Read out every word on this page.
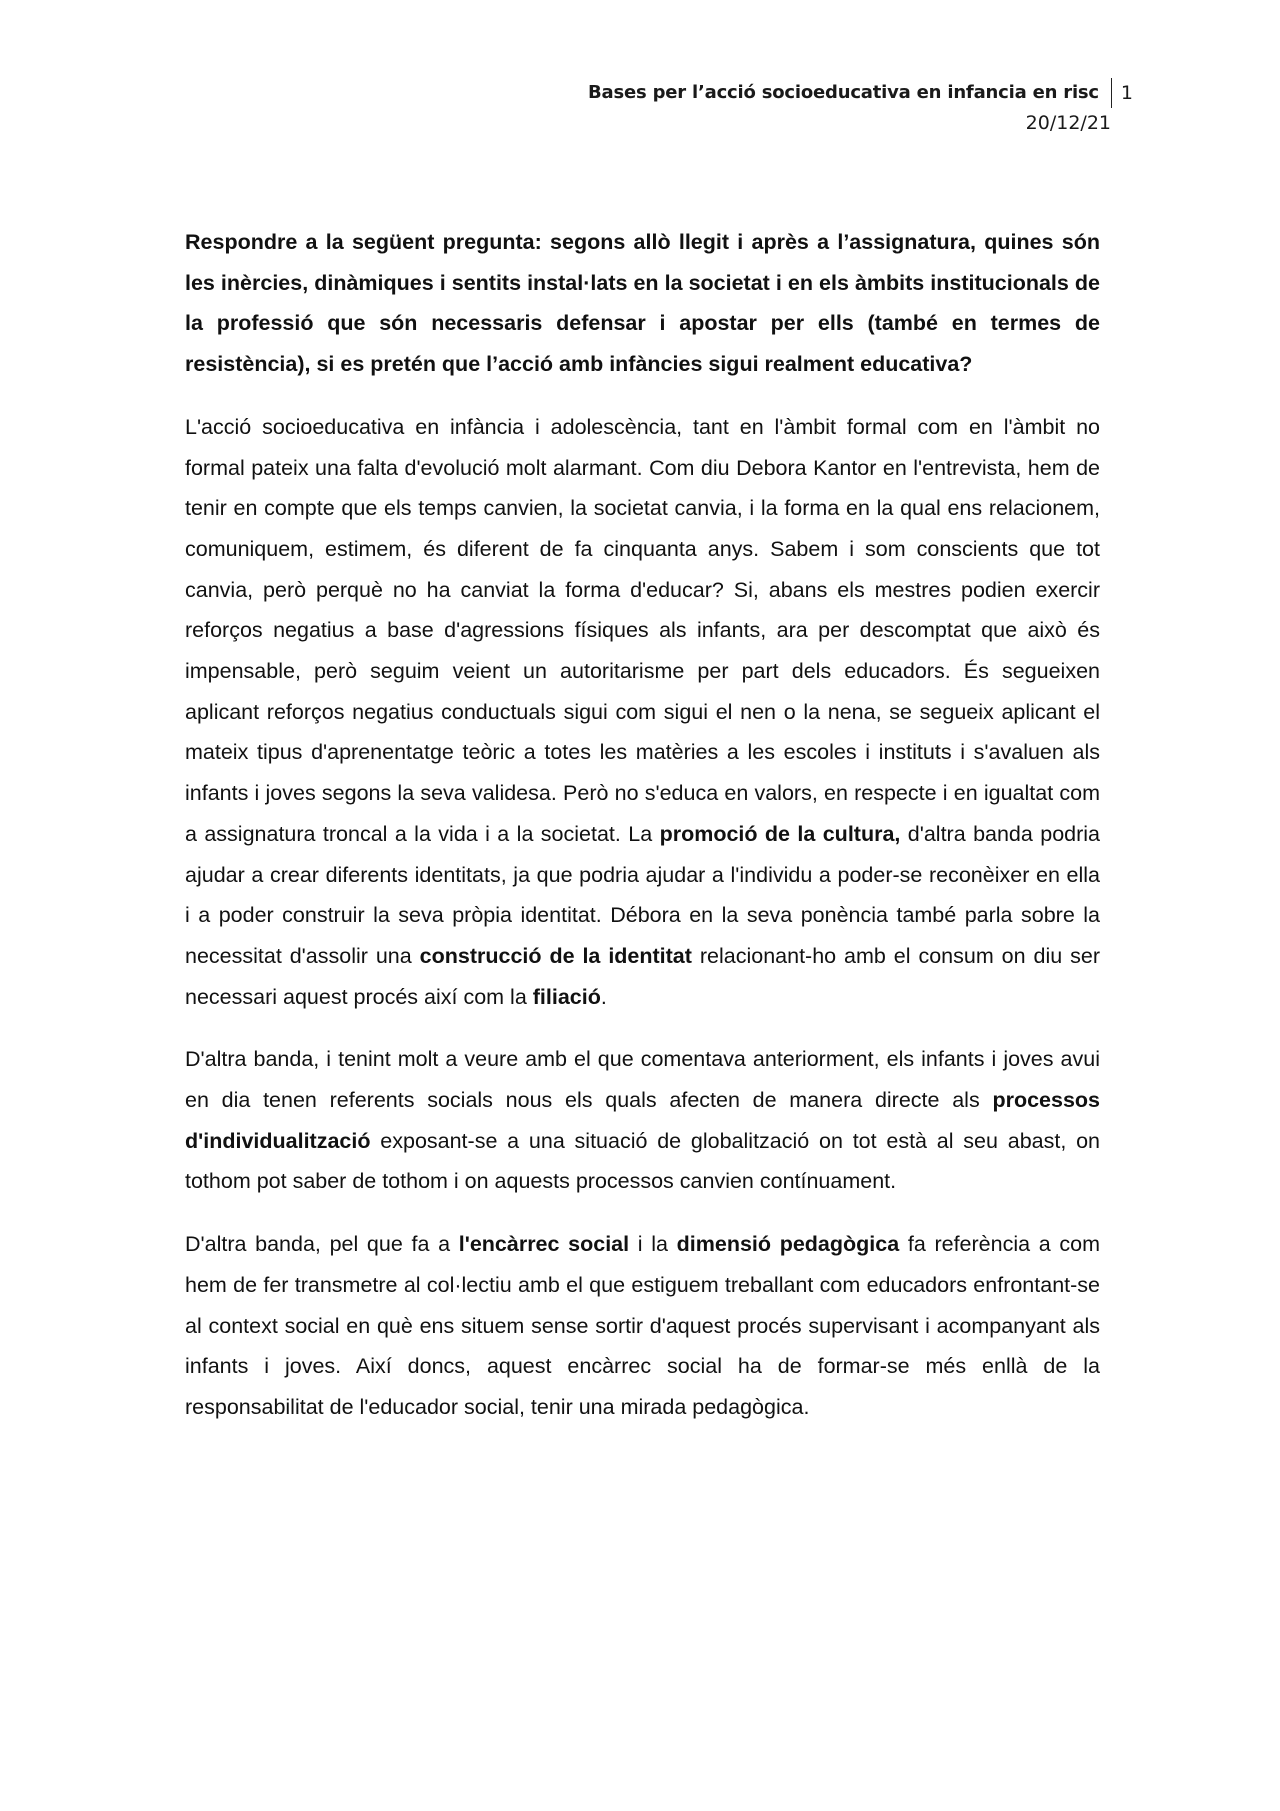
Bases per l’acció socioeducativa en infancia en risc 1
20/12/21

Respondre a la següent pregunta: segons allò llegit i après a l’assignatura, quines són les inèrcies, dinàmiques i sentits instal·lats en la societat i en els àmbits institucionals de la professió que són necessaris defensar i apostar per ells (també en termes de resistència), si es pretén que l’acció amb infàncies sigui realment educativa?

L'acció socioeducativa en infància i adolescència, tant en l'àmbit formal com en l'àmbit no formal pateix una falta d'evolució molt alarmant. Com diu Debora Kantor en l'entrevista, hem de tenir en compte que els temps canvien, la societat canvia, i la forma en la qual ens relacionem, comuniquem, estimem, és diferent de fa cinquanta anys. Sabem i som conscients que tot canvia, però perquè no ha canviat la forma d'educar? Si, abans els mestres podien exercir reforços negatius a base d'agressions físiques als infants, ara per descomptat que això és impensable, però seguim veient un autoritarisme per part dels educadors. És segueixen aplicant reforços negatius conductuals sigui com sigui el nen o la nena, se segueix aplicant el mateix tipus d'aprenentatge teòric a totes les matèries a les escoles i instituts i s'avaluen als infants i joves segons la seva validesa. Però no s'educa en valors, en respecte i en igualtat com a assignatura troncal a la vida i a la societat. La promoció de la cultura, d'altra banda podria ajudar a crear diferents identitats, ja que podria ajudar a l'individu a poder-se reconèixer en ella i a poder construir la seva pròpia identitat. Débora en la seva ponència també parla sobre la necessitat d'assolir una construcció de la identitat relacionant-ho amb el consum on diu ser necessari aquest procés així com la filiació.

D'altra banda, i tenint molt a veure amb el que comentava anteriorment, els infants i joves avui en dia tenen referents socials nous els quals afecten de manera directe als processos d'individualització exposant-se a una situació de globalització on tot està al seu abast, on tothom pot saber de tothom i on aquests processos canvien contínuament.

D'altra banda, pel que fa a l'encàrrec social i la dimensió pedagògica fa referència a com hem de fer transmetre al col·lectiu amb el que estiguem treballant com educadors enfrontant-se al context social en què ens situem sense sortir d'aquest procés supervisant i acompanyant als infants i joves. Així doncs, aquest encàrrec social ha de formar-se més enllà de la responsabilitat de l'educador social, tenir una mirada pedagògica.
